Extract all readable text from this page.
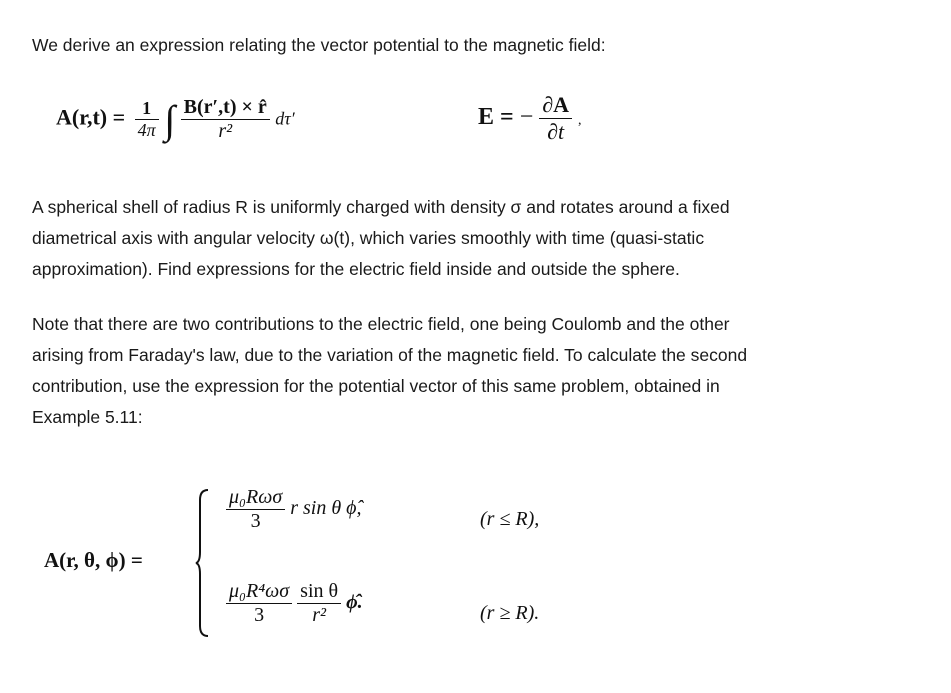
We derive an expression relating the vector potential to the magnetic field:
$A(r,t) = \frac{1}{4\pi}$ ∫ $\frac{B(r',t) \times r̂}{\text{r²}} d\tau'$	E = − $\frac{\partial A}{\partial t}$ ,
A spherical shell of radius R is uniformly charged with density σ and rotates around a fixed
diametrical axis with angular velocity ω(t), which varies smoothly with time (quasi-static
approximation). Find expressions for the electric field inside and outside the sphere.
Note that there are two contributions to the electric field, one being Coulomb and the other
arising from Faraday's law, due to the variation of the magnetic field. To calculate the second
contribution, use the expression for the potential vector of this same problem, obtained in
Example 5.11:
A(r, θ, ϕ) =
$\frac{\text{μ₀Rωσ}}{3}$ r sin θ ϕ̂,	(r ≤ R),
$\frac{\text{μ₀R⁴ωσ}}{3}$
$\frac{\text{sin θ}}{\text{r²}}$ ϕ̂.	(r ≥ R).
